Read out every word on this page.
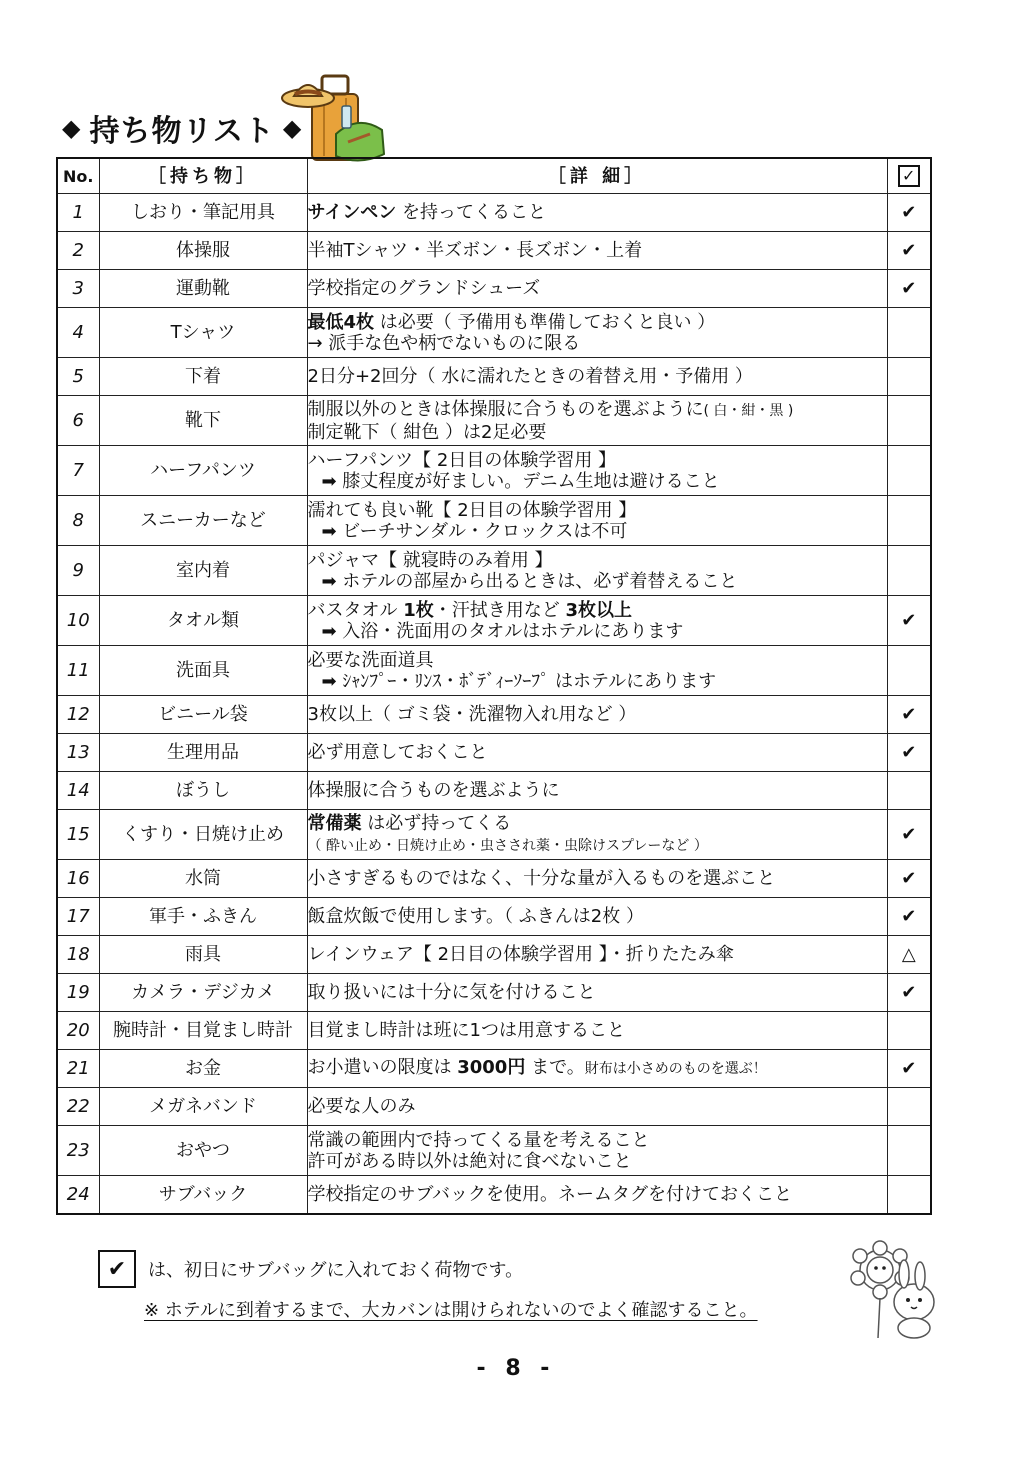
◆ 持ち物リスト ◆
No.	［持ち物］	［詳 細］	✓
1	しおり・筆記用具	サインペン を持ってくること	✔
2	体操服	半袖Tシャツ・半ズボン・長ズボン・上着	✔
3	運動靴	学校指定のグランドシューズ	✔
4	Tシャツ	最低4枚 は必要（ 予備用も準備しておくと良い ）
→ 派手な色や柄でないものに限る	

5	下着	2日分+2回分（ 水に濡れたときの着替え用・予備用 ）	

6	靴下	制服以外のときは体操服に合うものを選ぶように( 白・紺・黒 )
制定靴下（ 紺色 ）は2足必要	

7	ハーフパンツ	ハーフパンツ【 2日目の体験学習用 】
➡ 膝丈程度が好ましい。デニム生地は避けること	

8	スニーカーなど	濡れても良い靴【 2日目の体験学習用 】
➡ ビーチサンダル・クロックスは不可	

9	室内着	パジャマ【 就寝時のみ着用 】
➡ ホテルの部屋から出るときは、必ず着替えること	

10	タオル類	バスタオル 1枚・汗拭き用など 3枚以上
➡ 入浴・洗面用のタオルはホテルにあります	✔
11	洗面具	必要な洗面道具
➡ ｼｬﾝﾌﾟｰ・ﾘﾝｽ・ﾎﾞﾃﾞｨｰｿｰﾌﾟ はホテルにあります	

12	ビニール袋	3枚以上（ ゴミ袋・洗濯物入れ用など ）	✔
13	生理用品	必ず用意しておくこと	✔
14	ぼうし	体操服に合うものを選ぶように	

15	くすり・日焼け止め	常備薬 は必ず持ってくる
（ 酔い止め・日焼け止め・虫さされ薬・虫除けスプレーなど ）	✔
16	水筒	小さすぎるものではなく、十分な量が入るものを選ぶこと	✔
17	軍手・ふきん	飯盒炊飯で使用します。（ ふきんは2枚 ）	✔
18	雨具	レインウェア【 2日目の体験学習用 】・折りたたみ傘	△
19	カメラ・デジカメ	取り扱いには十分に気を付けること	✔
20	腕時計・目覚まし時計	目覚まし時計は班に1つは用意すること	

21	お金	お小遣いの限度は 3000円 まで。財布は小さめのものを選ぶ！	✔
22	メガネバンド	必要な人のみ	

23	おやつ	常識の範囲内で持ってくる量を考えること
許可がある時以外は絶対に食べないこと	

24	サブバック	学校指定のサブバックを使用。ネームタグを付けておくこと	

✔	は、初日にサブバッグに入れておく荷物です。
※ ホテルに到着するまで、大カバンは開けられないのでよく確認すること。
- 8 -
